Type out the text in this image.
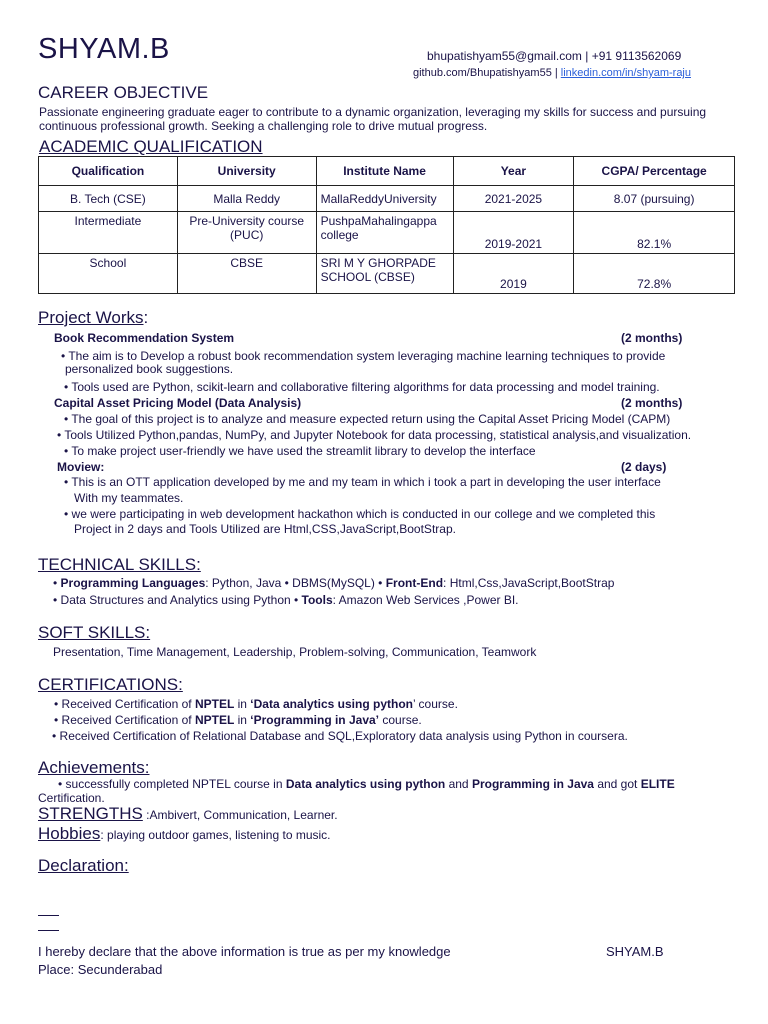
SHYAM.B	bhupatishyam55@gmail.com | +91 9113562069
github.com/Bhupatishyam55 | linkedin.com/in/shyam-raju
CAREER OBJECTIVE
Passionate engineering graduate eager to contribute to a dynamic organization, leveraging my skills for success and pursuing
continuous professional growth. Seeking a challenging role to drive mutual progress.
ACADEMIC QUALIFICATION
Qualification	University	Institute Name	Year	CGPA/ Percentage
B. Tech (CSE)	Malla Reddy	MallaReddyUniversity	2021-2025	8.07 (pursuing)
Intermediate	Pre-University course (PUC)	PushpaMahalingappa college	2019-2021	82.1%
School	CBSE	SRI M Y GHORPADE SCHOOL (CBSE)	2019	72.8%
Project Works:
Book Recommendation System	(2 months)
• The aim is to Develop a robust book recommendation system leveraging machine learning techniques to provide
personalized book suggestions.
• Tools used are Python, scikit-learn and collaborative filtering algorithms for data processing and model training.
Capital Asset Pricing Model (Data Analysis)	(2 months)
• The goal of this project is to analyze and measure expected return using the Capital Asset Pricing Model (CAPM)
• Tools Utilized Python,pandas, NumPy, and Jupyter Notebook for data processing, statistical analysis,and visualization.
• To make project user-friendly we have used the streamlit library to develop the interface
Moview:	(2 days)
• This is an OTT application developed by me and my team in which i took a part in developing the user interface
With my teammates.
• we were participating in web development hackathon which is conducted in our college and we completed this
Project in 2 days and Tools Utilized are Html,CSS,JavaScript,BootStrap.
TECHNICAL SKILLS:
• Programming Languages: Python, Java • DBMS(MySQL) • Front-End: Html,Css,JavaScript,BootStrap
• Data Structures and Analytics using Python • Tools: Amazon Web Services ,Power BI.
SOFT SKILLS:
Presentation, Time Management, Leadership, Problem-solving, Communication, Teamwork
CERTIFICATIONS:
• Received Certification of NPTEL in ‘Data analytics using python’ course.
• Received Certification of NPTEL in ‘Programming in Java’ course.
• Received Certification of Relational Database and SQL,Exploratory data analysis using Python in coursera.
Achievements:
• successfully completed NPTEL course in Data analytics using python and Programming in Java and got ELITE
Certification.
STRENGTHS :Ambivert, Communication, Learner.
Hobbies: playing outdoor games, listening to music.
Declaration:
I hereby declare that the above information is true as per my knowledge	SHYAM.B
Place: Secunderabad
